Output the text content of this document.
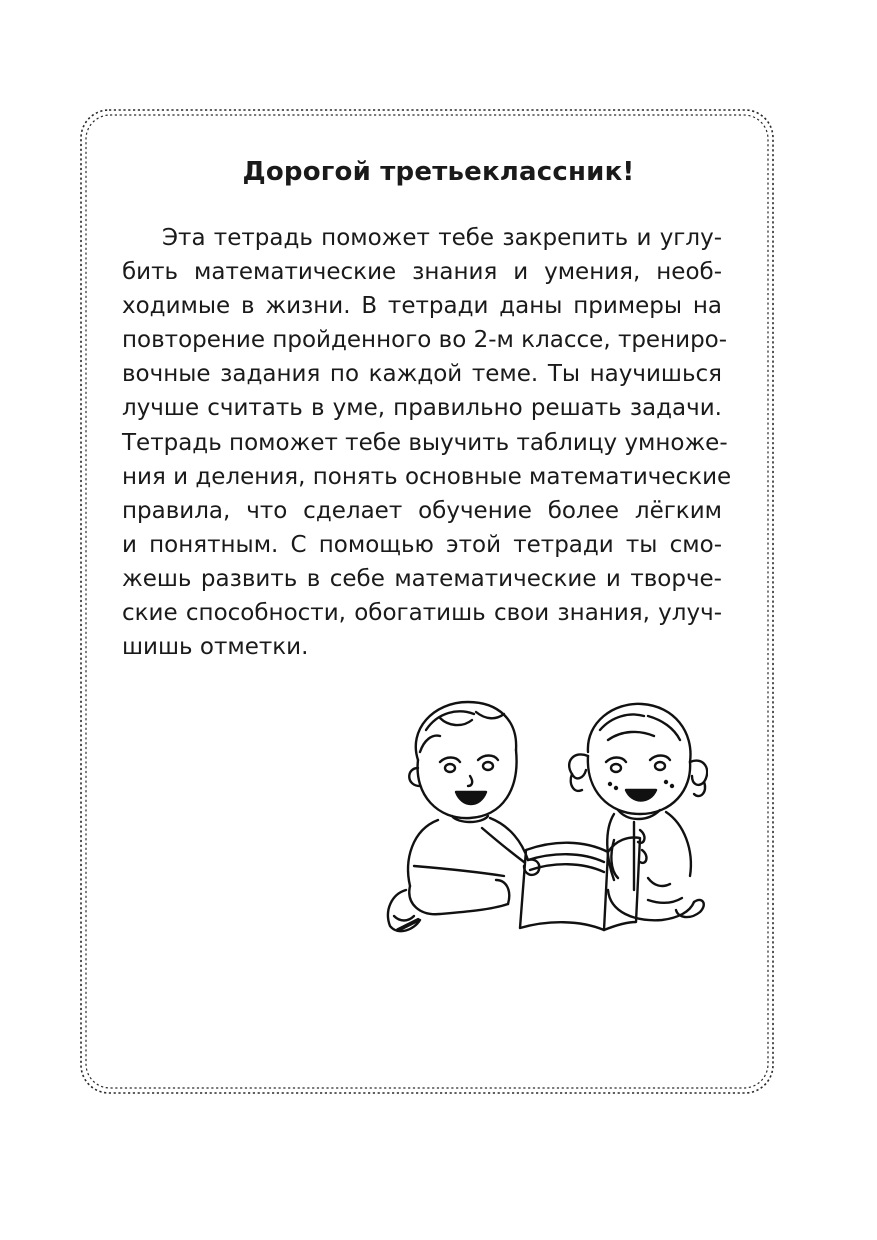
Дорогой третьеклассник!
Эта тетрадь поможет тебе закрепить и углу-
бить математические знания и умения, необ-
ходимые в жизни. В тетради даны примеры на
повторение пройденного во 2-м классе, трениро-
вочные задания по каждой теме. Ты научишься
лучше считать в уме, правильно решать задачи.
Тетрадь поможет тебе выучить таблицу умноже-
ния и деления, понять основные математические
правила, что сделает обучение более лёгким
и понятным. С помощью этой тетради ты смо-
жешь развить в себе математические и творче-
ские способности, обогатишь свои знания, улуч-
шишь отметки.
